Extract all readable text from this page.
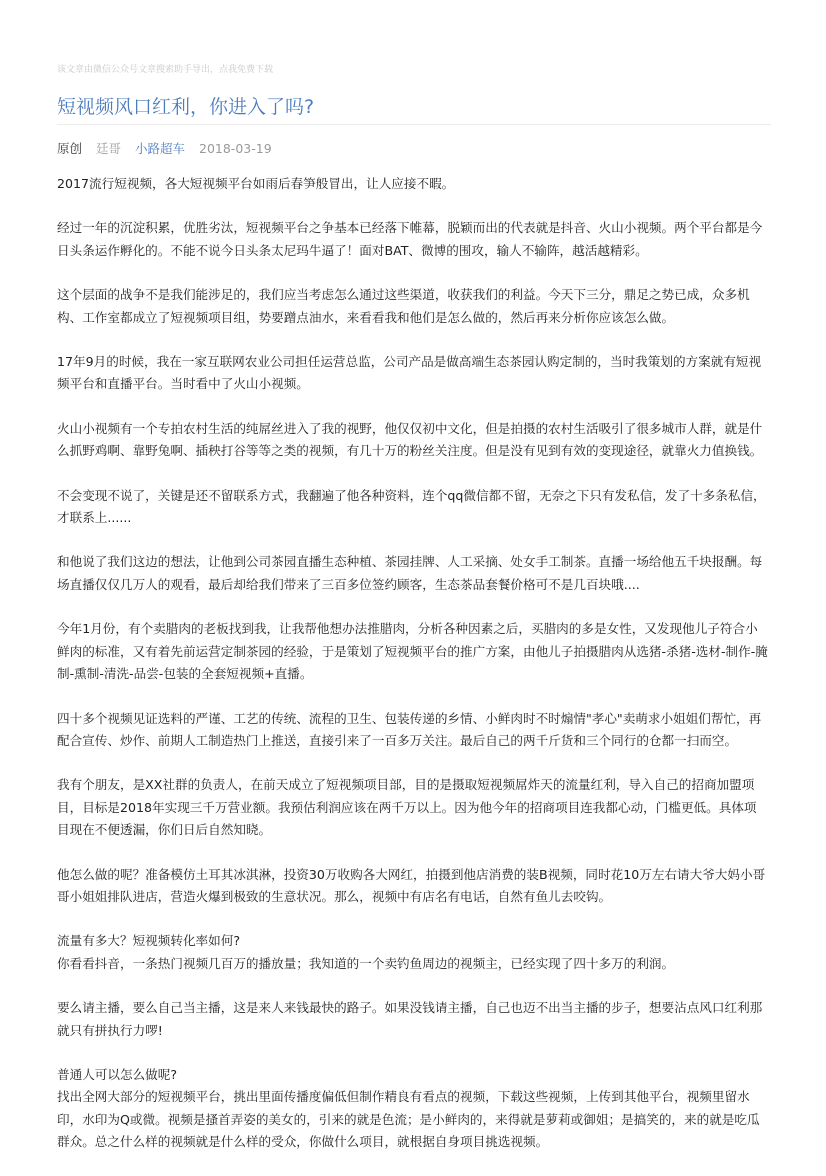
该文章由微信公众号文章搜索助手导出，点我免费下载
短视频风口红利，你进入了吗?
原创 廷哥 小路超车 2018-03-19

2017流行短视频，各大短视频平台如雨后春笋般冒出，让人应接不暇。

经过一年的沉淀积累，优胜劣汰，短视频平台之争基本已经落下帷幕，脱颖而出的代表就是抖音、火山小视频。两个平台都是今日头条运作孵化的。不能不说今日头条太尼玛牛逼了！面对BAT、微博的围攻，输人不输阵，越活越精彩。

这个层面的战争不是我们能涉足的，我们应当考虑怎么通过这些渠道，收获我们的利益。今天下三分，鼎足之势已成，众多机构、工作室都成立了短视频项目组，势要蹭点油水，来看看我和他们是怎么做的，然后再来分析你应该怎么做。

17年9月的时候，我在一家互联网农业公司担任运营总监，公司产品是做高端生态茶园认购定制的，当时我策划的方案就有短视频平台和直播平台。当时看中了火山小视频。

火山小视频有一个专拍农村生活的纯屌丝进入了我的视野，他仅仅初中文化，但是拍摄的农村生活吸引了很多城市人群，就是什么抓野鸡啊、靠野兔啊、插秧打谷等等之类的视频，有几十万的粉丝关注度。但是没有见到有效的变现途径，就靠火力值换钱。

不会变现不说了，关键是还不留联系方式，我翻遍了他各种资料，连个qq微信都不留，无奈之下只有发私信，发了十多条私信，才联系上......

和他说了我们这边的想法，让他到公司茶园直播生态种植、茶园挂牌、人工采摘、处女手工制茶。直播一场给他五千块报酬。每场直播仅仅几万人的观看，最后却给我们带来了三百多位签约顾客，生态茶品套餐价格可不是几百块哦....

今年1月份，有个卖腊肉的老板找到我，让我帮他想办法推腊肉，分析各种因素之后，买腊肉的多是女性，又发现他儿子符合小鲜肉的标准，又有着先前运营定制茶园的经验，于是策划了短视频平台的推广方案，由他儿子拍摄腊肉从选猪-杀猪-选材-制作-腌制-熏制-清洗-品尝-包装的全套短视频+直播。

四十多个视频见证选料的严谨、工艺的传统、流程的卫生、包装传递的乡情、小鲜肉时不时煽情"孝心"卖萌求小姐姐们帮忙，再配合宣传、炒作、前期人工制造热门上推送，直接引来了一百多万关注。最后自己的两千斤货和三个同行的仓都一扫而空。

我有个朋友，是XX社群的负责人，在前天成立了短视频项目部，目的是摄取短视频屌炸天的流量红利，导入自己的招商加盟项目，目标是2018年实现三千万营业额。我预估利润应该在两千万以上。因为他今年的招商项目连我都心动，门槛更低。具体项目现在不便透漏，你们日后自然知晓。

他怎么做的呢？准备模仿土耳其冰淇淋，投资30万收购各大网红，拍摄到他店消费的装B视频，同时花10万左右请大爷大妈小哥哥小姐姐排队进店，营造火爆到极致的生意状况。那么，视频中有店名有电话，自然有鱼儿去咬钩。

流量有多大？短视频转化率如何?

你看看抖音，一条热门视频几百万的播放量；我知道的一个卖钓鱼周边的视频主，已经实现了四十多万的利润。

要么请主播，要么自己当主播，这是来人来钱最快的路子。如果没钱请主播，自己也迈不出当主播的步子，想要沾点风口红利那就只有拼执行力啰!

普通人可以怎么做呢?

找出全网大部分的短视频平台，挑出里面传播度偏低但制作精良有看点的视频，下载这些视频，上传到其他平台，视频里留水印，水印为Q或微。视频是搔首弄姿的美女的，引来的就是色流；是小鲜肉的，来得就是萝莉或御姐；是搞笑的，来的就是吃瓜群众。总之什么样的视频就是什么样的受众，你做什么项目，就根据自身项目挑选视频。
